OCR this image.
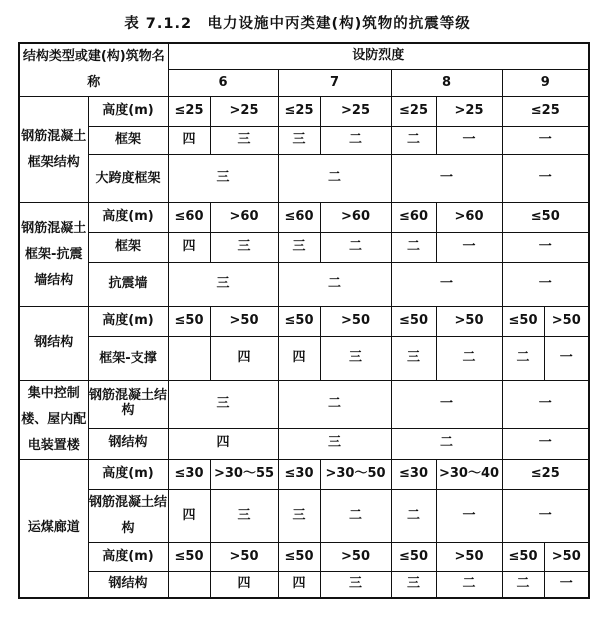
表 7.1.2　电力设施中丙类建(构)筑物的抗震等级
结构类型或建(构)筑物名称		设防烈度							
		6		7		8		9	
钢筋混凝土框架结构	高度(m)	≤25	>25	≤25	>25	≤25	>25	≤25	
	框架	四	三	三	二	二	一	一	
	大跨度框架	三		二		一		一	
钢筋混凝土框架-抗震墙结构	高度(m)	≤60	>60	≤60	>60	≤60	>60	≤50	
	框架	四	三	三	二	二	一	一	
	抗震墙	三		二		一		一	
钢结构	高度(m)	≤50	>50	≤50	>50	≤50	>50	≤50	>50
	框架-支撑		四	四	三	三	二	二	一
集中控制楼、屋内配电装置楼	钢筋混凝土结构	三		二		一		一	
	钢结构	四		三		二		一	
运煤廊道	高度(m)	≤30	>30～55	≤30	>30～50	≤30	>30～40	≤25	
	钢筋混凝土结构	四	三	三	二	二	一	一	
	高度(m)	≤50	>50	≤50	>50	≤50	>50	≤50	>50
	钢结构		四	四	三	三	二	二	一
